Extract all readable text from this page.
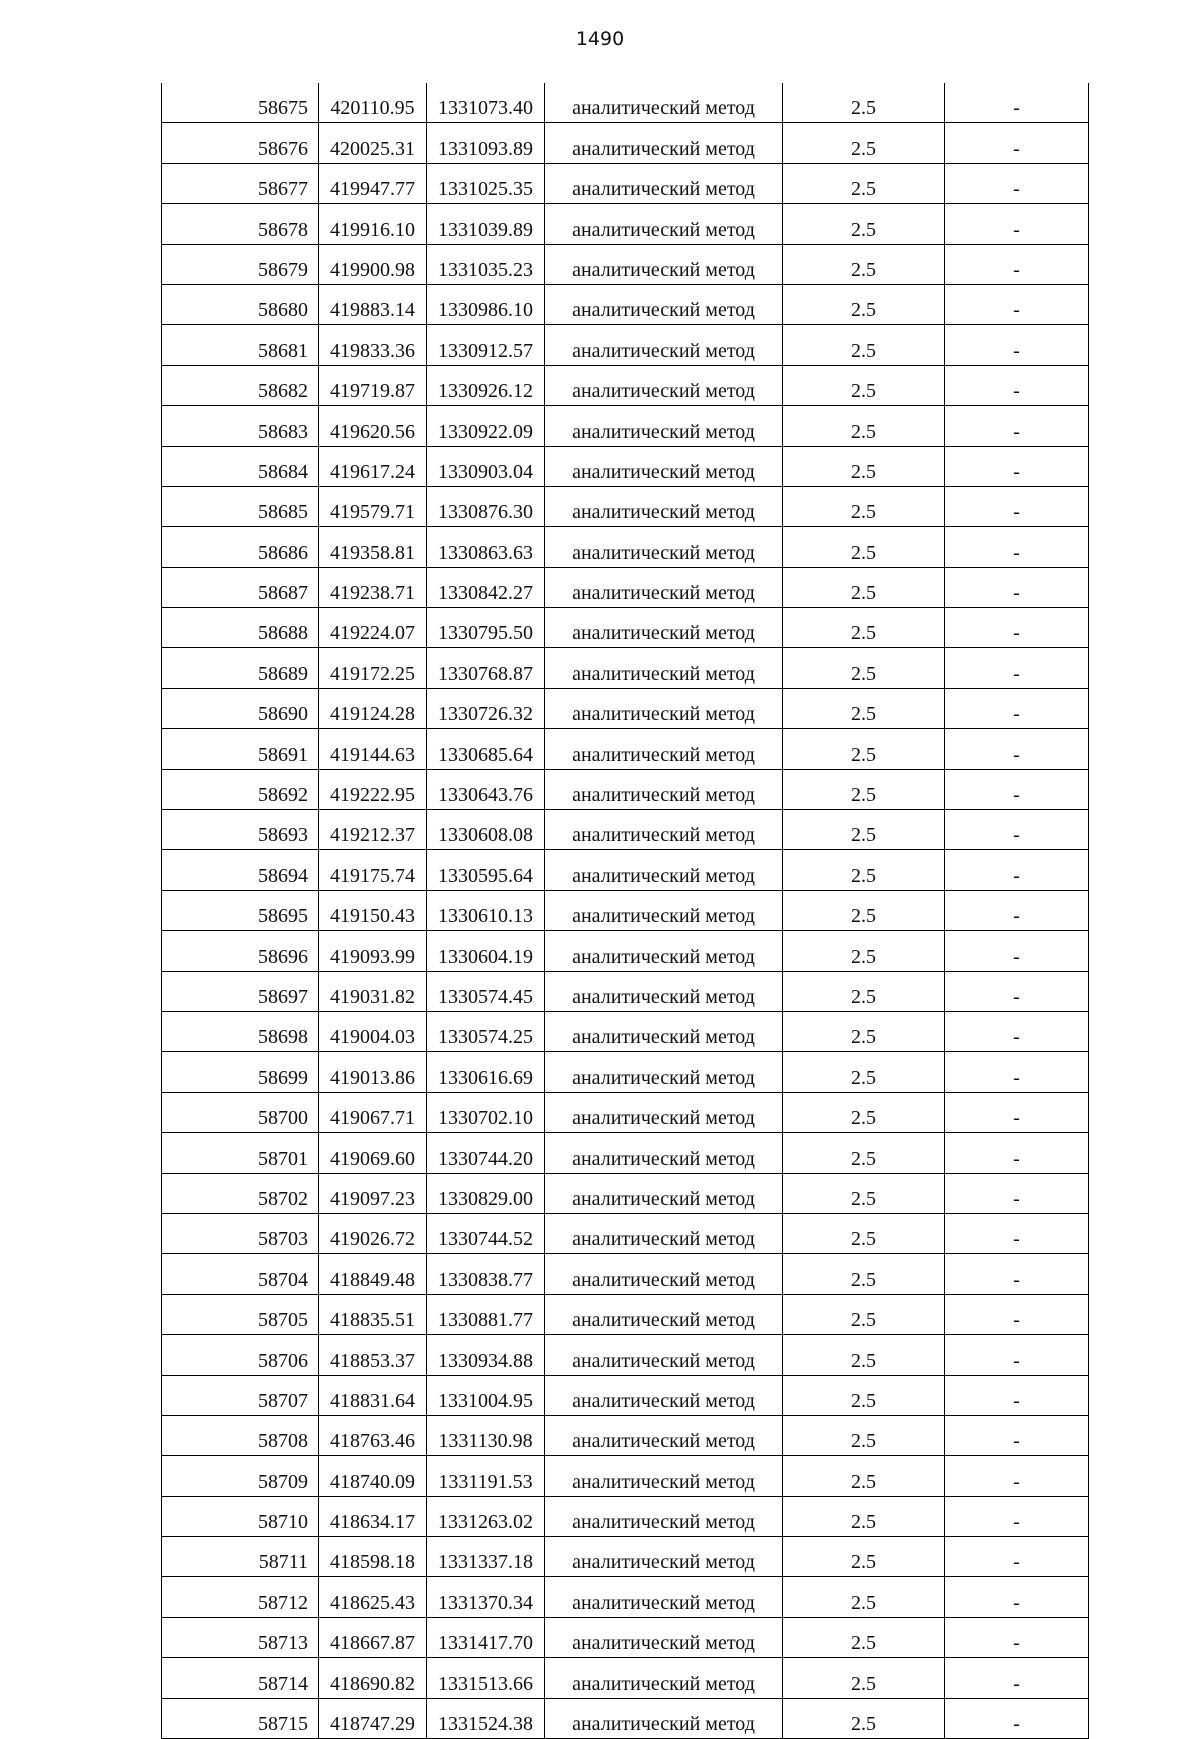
1490
58675	420110.95	1331073.40	аналитический метод	2.5	-
58676	420025.31	1331093.89	аналитический метод	2.5	-
58677	419947.77	1331025.35	аналитический метод	2.5	-
58678	419916.10	1331039.89	аналитический метод	2.5	-
58679	419900.98	1331035.23	аналитический метод	2.5	-
58680	419883.14	1330986.10	аналитический метод	2.5	-
58681	419833.36	1330912.57	аналитический метод	2.5	-
58682	419719.87	1330926.12	аналитический метод	2.5	-
58683	419620.56	1330922.09	аналитический метод	2.5	-
58684	419617.24	1330903.04	аналитический метод	2.5	-
58685	419579.71	1330876.30	аналитический метод	2.5	-
58686	419358.81	1330863.63	аналитический метод	2.5	-
58687	419238.71	1330842.27	аналитический метод	2.5	-
58688	419224.07	1330795.50	аналитический метод	2.5	-
58689	419172.25	1330768.87	аналитический метод	2.5	-
58690	419124.28	1330726.32	аналитический метод	2.5	-
58691	419144.63	1330685.64	аналитический метод	2.5	-
58692	419222.95	1330643.76	аналитический метод	2.5	-
58693	419212.37	1330608.08	аналитический метод	2.5	-
58694	419175.74	1330595.64	аналитический метод	2.5	-
58695	419150.43	1330610.13	аналитический метод	2.5	-
58696	419093.99	1330604.19	аналитический метод	2.5	-
58697	419031.82	1330574.45	аналитический метод	2.5	-
58698	419004.03	1330574.25	аналитический метод	2.5	-
58699	419013.86	1330616.69	аналитический метод	2.5	-
58700	419067.71	1330702.10	аналитический метод	2.5	-
58701	419069.60	1330744.20	аналитический метод	2.5	-
58702	419097.23	1330829.00	аналитический метод	2.5	-
58703	419026.72	1330744.52	аналитический метод	2.5	-
58704	418849.48	1330838.77	аналитический метод	2.5	-
58705	418835.51	1330881.77	аналитический метод	2.5	-
58706	418853.37	1330934.88	аналитический метод	2.5	-
58707	418831.64	1331004.95	аналитический метод	2.5	-
58708	418763.46	1331130.98	аналитический метод	2.5	-
58709	418740.09	1331191.53	аналитический метод	2.5	-
58710	418634.17	1331263.02	аналитический метод	2.5	-
58711	418598.18	1331337.18	аналитический метод	2.5	-
58712	418625.43	1331370.34	аналитический метод	2.5	-
58713	418667.87	1331417.70	аналитический метод	2.5	-
58714	418690.82	1331513.66	аналитический метод	2.5	-
58715	418747.29	1331524.38	аналитический метод	2.5	-
